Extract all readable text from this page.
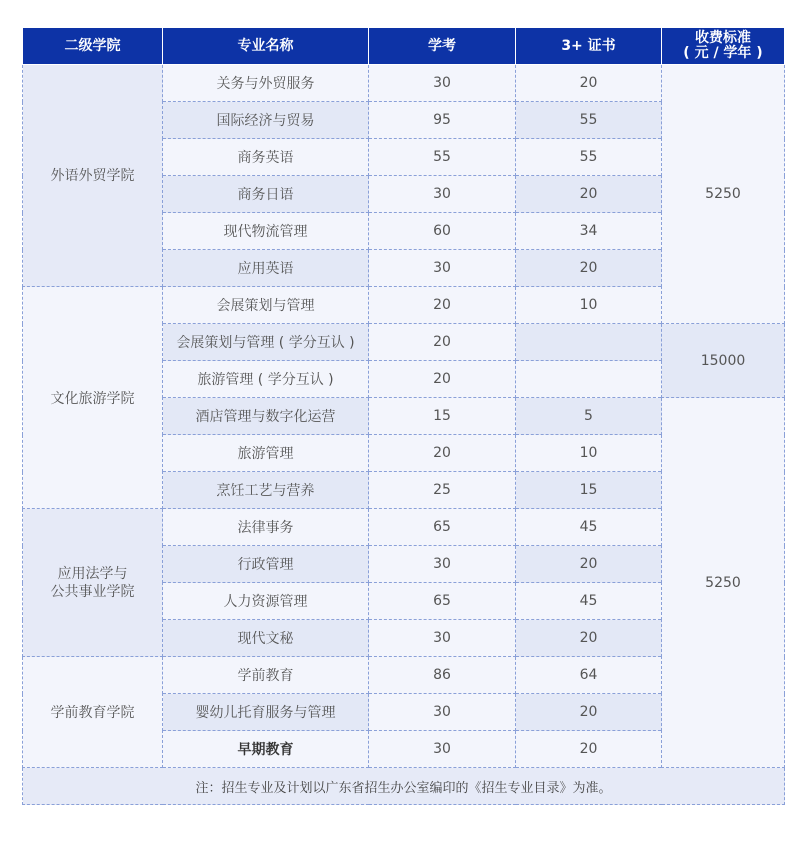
二级学院	专业名称	学考	3+ 证书	收费标准
( 元 / 学年 )

外语外贸学院	关务与外贸服务	30	20	5250
	国际经济与贸易	95	55	
	商务英语	55	55	
	商务日语	30	20	
	现代物流管理	60	34	
	应用英语	30	20	
文化旅游学院	会展策划与管理	20	10	
	会展策划与管理 ( 学分互认 )	20		15000
	旅游管理 ( 学分互认 )	20		
	酒店管理与数字化运营	15	5	5250
	旅游管理	20	10	
	烹饪工艺与营养	25	15	

应用法学与
公共事业学院	法律事务	65	45	
	行政管理	30	20	
	人力资源管理	65	45	
	现代文秘	30	20	
学前教育学院	学前教育	86	64	
	婴幼儿托育服务与管理	30	20	
	早期教育	30	20	
注：招生专业及计划以广东省招生办公室编印的《招生专业目录》为准。				
